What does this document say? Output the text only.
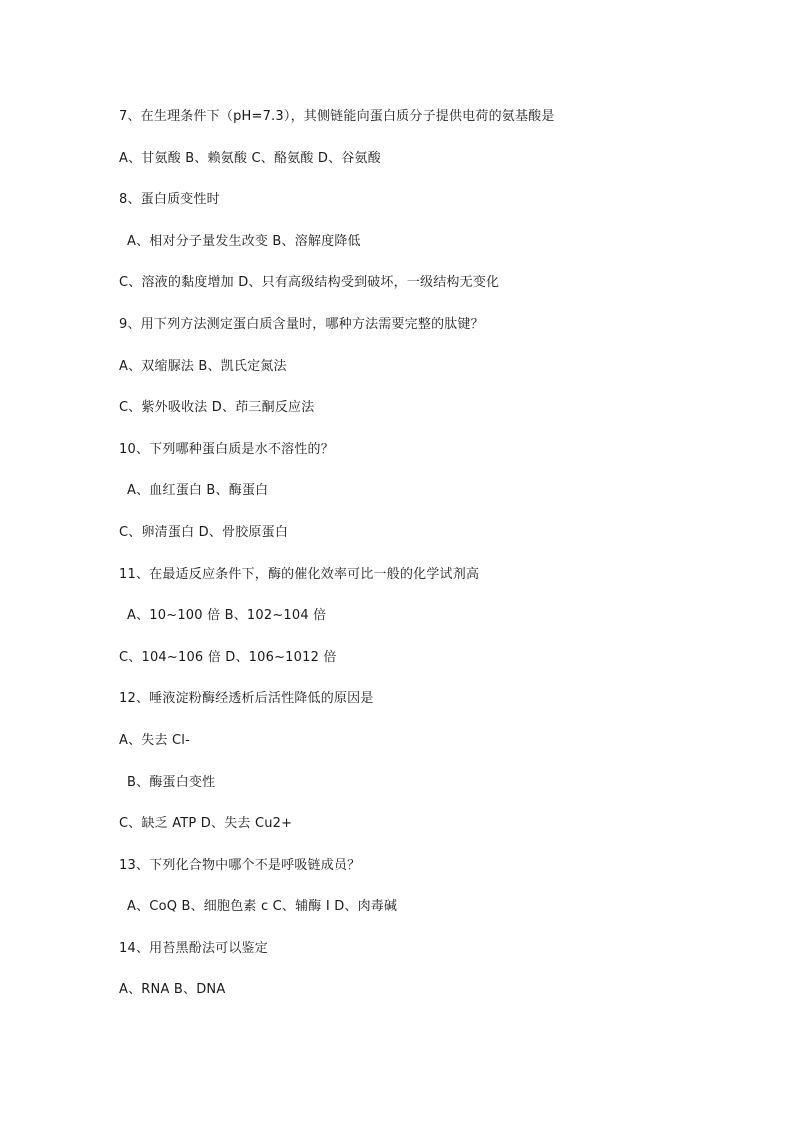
7、在生理条件下（pH=7.3），其侧链能向蛋白质分子提供电荷的氨基酸是
A、甘氨酸 B、赖氨酸 C、酪氨酸 D、谷氨酸
8、蛋白质变性时
A、相对分子量发生改变 B、溶解度降低
C、溶液的黏度增加 D、只有高级结构受到破坏，一级结构无变化
9、用下列方法测定蛋白质含量时，哪种方法需要完整的肽键？
A、双缩脲法 B、凯氏定氮法
C、紫外吸收法 D、茚三酮反应法
10、下列哪种蛋白质是水不溶性的？
A、血红蛋白 B、酶蛋白
C、卵清蛋白 D、骨胶原蛋白
11、在最适反应条件下，酶的催化效率可比一般的化学试剂高
A、10~100 倍 B、102~104 倍
C、104~106 倍 D、106~1012 倍
12、唾液淀粉酶经透析后活性降低的原因是
A、失去 Cl-
B、酶蛋白变性
C、缺乏 ATP D、失去 Cu2+
13、下列化合物中哪个不是呼吸链成员？
A、CoQ B、细胞色素 c C、辅酶 I D、肉毒碱
14、用苔黑酚法可以鉴定
A、RNA B、DNA
